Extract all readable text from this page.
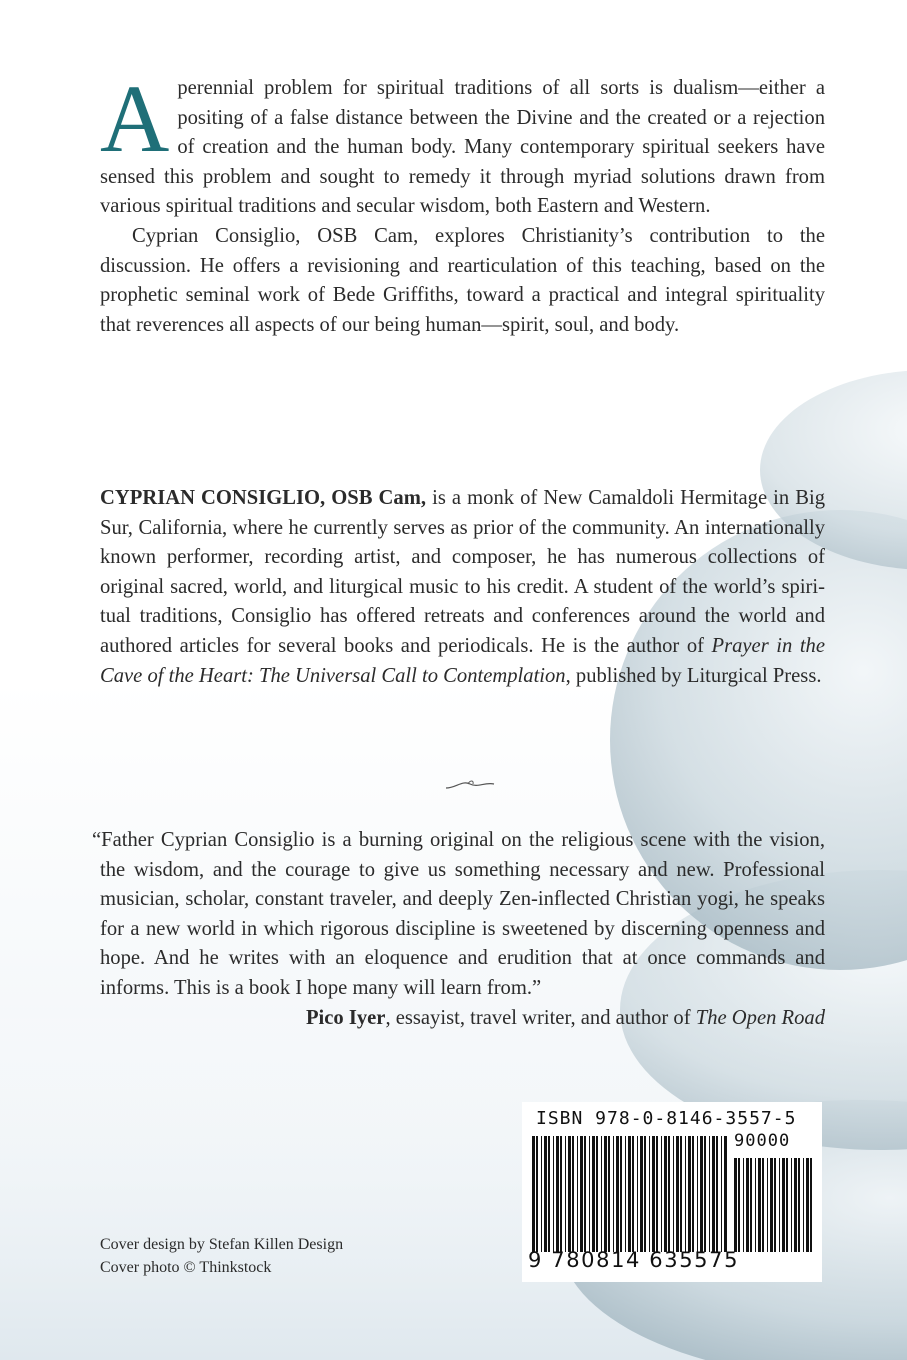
Aperennial problem for spiritual traditions of all sorts is dualism—either a positing of a false distance between the Divine and the created or a rejection of creation and the human body. Many contemporary spiritual seekers have sensed this problem and sought to remedy it through myriad solutions drawn from various spiritual traditions and secular wisdom, both Eastern and Western.

Cyprian Consiglio, OSB Cam, explores Christianity’s contribution to the discussion. He offers a revisioning and rearticulation of this teaching, based on the prophetic seminal work of Bede Griffiths, toward a practical and integral spirituality that reverences all aspects of our being human—spirit, soul, and body.

CYPRIAN CONSIGLIO, OSB Cam, is a monk of New Camaldoli Hermitage in Big Sur, California, where he currently serves as prior of the community. An internationally known performer, recording artist, and composer, he has numerous collections of original sacred, world, and liturgical music to his credit. A student of the world’s spiritual traditions, Consiglio has offered retreats and conferences around the world and authored articles for several books and periodicals. He is the author of Prayer in the Cave of the Heart: The Universal Call to Contemplation, published by Liturgical Press.

“Father Cyprian Consiglio is a burning original on the religious scene with the vision, the wisdom, and the courage to give us something necessary and new. Professional musician, scholar, constant traveler, and deeply Zen-inflected Christian yogi, he speaks for a new world in which rigorous discipline is sweetened by discerning openness and hope. And he writes with an eloquence and erudition that at once commands and informs. This is a book I hope many will learn from.”

Pico Iyer, essayist, travel writer, and author of The Open Road

ISBN 978-0-8146-3557-5
90000
9 780814 635575
Cover design by Stefan Killen Design
Cover photo © Thinkstock
